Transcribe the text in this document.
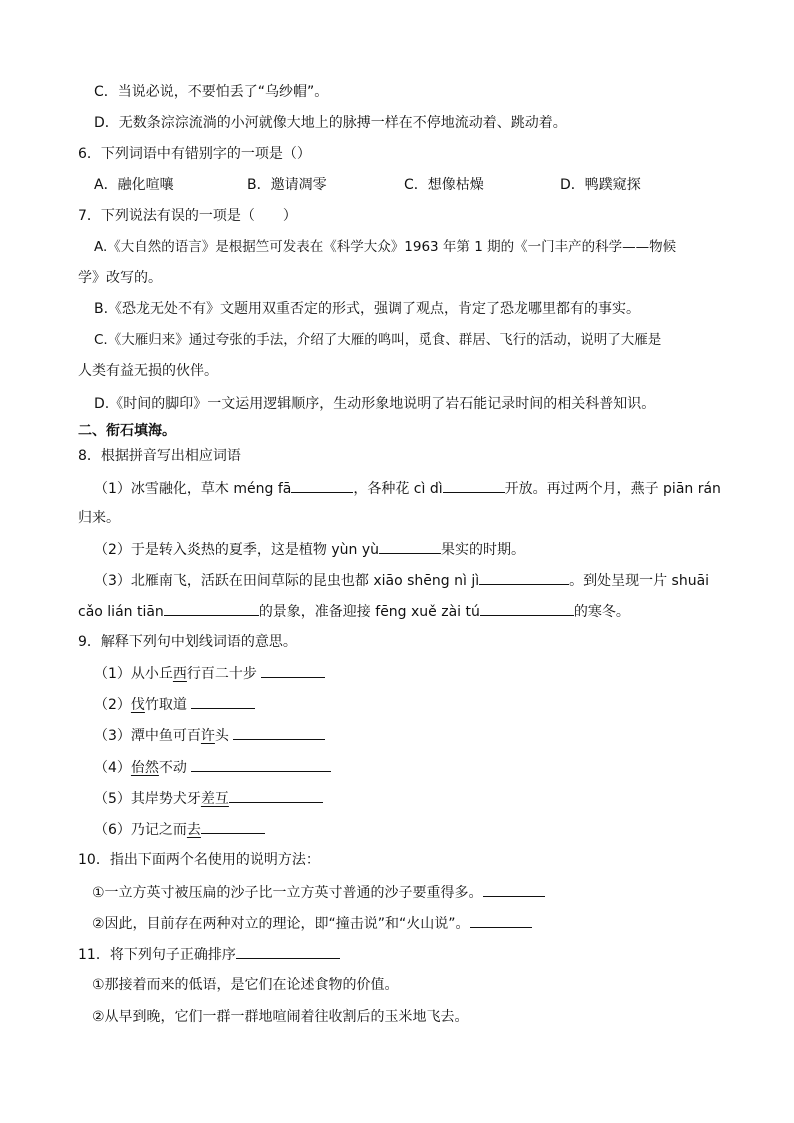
C．当说必说，不要怕丢了“乌纱帽”。
D．无数条淙淙流淌的小河就像大地上的脉搏一样在不停地流动着、跳动着。
6．下列词语中有错别字的一项是（）
A．融化喧嚷	B．邀请凋零	C．想像枯燥	D．鸭蹼窥探
7．下列说法有误的一项是（　　）
A.《大自然的语言》是根据竺可发表在《科学大众》1963 年第 1 期的《一门丰产的科学——物候
学》改写的。
B.《恐龙无处不有》文题用双重否定的形式，强调了观点，肯定了恐龙哪里都有的事实。
C.《大雁归来》通过夸张的手法，介绍了大雁的鸣叫，觅食、群居、飞行的活动，说明了大雁是
人类有益无损的伙伴。
D.《时间的脚印》一文运用逻辑顺序，生动形象地说明了岩石能记录时间的相关科普知识。
二、衔石填海。
8．根据拼音写出相应词语
（1）冰雪融化，草木 méng fā	，各种花 cì dì	开放。再过两个月，燕子 piān rán
归来。
（2）于是转入炎热的夏季，这是植物 yùn yù	果实的时期。
（3）北雁南飞，活跃在田间草际的昆虫也都 xiāo shēng nì jì	。到处呈现一片 shuāi
cǎo lián tiān	的景象，准备迎接 fēng xuě zài tú	的寒冬。
9．解释下列句中划线词语的意思。
（1）从小丘西行百二十步
（2）伐竹取道
（3）潭中鱼可百许头
（4）佁然不动
（5）其岸势犬牙差互
（6）乃记之而去
10．指出下面两个名使用的说明方法：
①一立方英寸被压扁的沙子比一立方英寸普通的沙子要重得多。
②因此，目前存在两种对立的理论，即“撞击说”和“火山说”。
11．将下列句子正确排序
①那接着而来的低语，是它们在论述食物的价值。
②从早到晚，它们一群一群地喧闹着往收割后的玉米地飞去。
